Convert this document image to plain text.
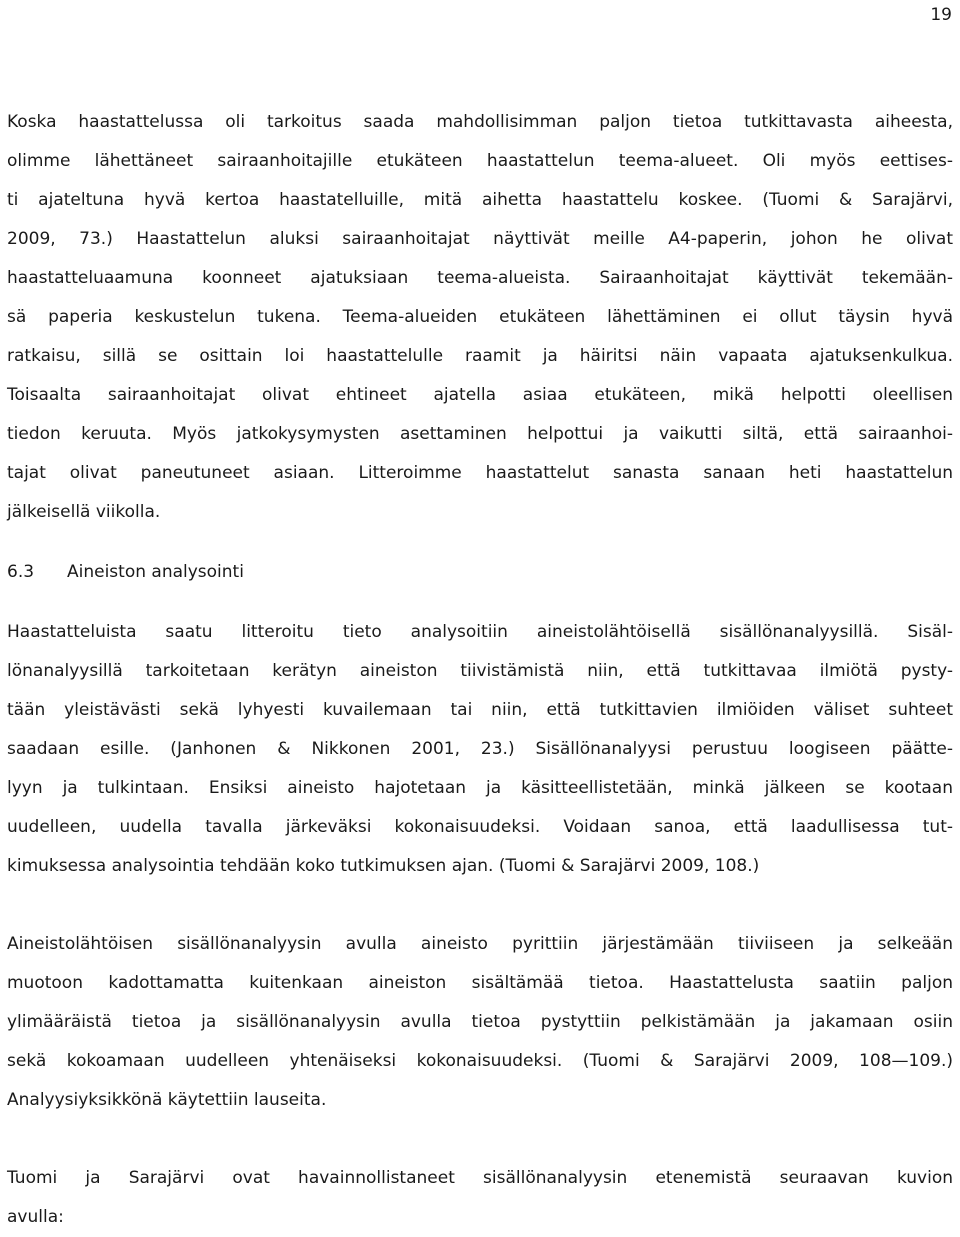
19
Koska haastattelussa oli tarkoitus saada mahdollisimman paljon tietoa tutkittavasta aiheesta,
olimme lähettäneet sairaanhoitajille etukäteen haastattelun teema-alueet. Oli myös eettises-
ti ajateltuna hyvä kertoa haastatelluille, mitä aihetta haastattelu koskee. (Tuomi & Sarajärvi,
2009, 73.) Haastattelun aluksi sairaanhoitajat näyttivät meille A4-paperin, johon he olivat
haastatteluaamuna koonneet ajatuksiaan teema-alueista. Sairaanhoitajat käyttivät tekemään-
sä paperia keskustelun tukena. Teema-alueiden etukäteen lähettäminen ei ollut täysin hyvä
ratkaisu, sillä se osittain loi haastattelulle raamit ja häiritsi näin vapaata ajatuksenkulkua.
Toisaalta sairaanhoitajat olivat ehtineet ajatella asiaa etukäteen, mikä helpotti oleellisen
tiedon keruuta. Myös jatkokysymysten asettaminen helpottui ja vaikutti siltä, että sairaanhoi-
tajat olivat paneutuneet asiaan. Litteroimme haastattelut sanasta sanaan heti haastattelun
jälkeisellä viikolla.
6.3 Aineiston analysointi
Haastatteluista saatu litteroitu tieto analysoitiin aineistolähtöisellä sisällönanalyysillä. Sisäl-
lönanalyysillä tarkoitetaan kerätyn aineiston tiivistämistä niin, että tutkittavaa ilmiötä pysty-
tään yleistävästi sekä lyhyesti kuvailemaan tai niin, että tutkittavien ilmiöiden väliset suhteet
saadaan esille. (Janhonen & Nikkonen 2001, 23.) Sisällönanalyysi perustuu loogiseen päätte-
lyyn ja tulkintaan. Ensiksi aineisto hajotetaan ja käsitteellistetään, minkä jälkeen se kootaan
uudelleen, uudella tavalla järkeväksi kokonaisuudeksi. Voidaan sanoa, että laadullisessa tut-
kimuksessa analysointia tehdään koko tutkimuksen ajan. (Tuomi & Sarajärvi 2009, 108.)
Aineistolähtöisen sisällönanalyysin avulla aineisto pyrittiin järjestämään tiiviiseen ja selkeään
muotoon kadottamatta kuitenkaan aineiston sisältämää tietoa. Haastattelusta saatiin paljon
ylimääräistä tietoa ja sisällönanalyysin avulla tietoa pystyttiin pelkistämään ja jakamaan osiin
sekä kokoamaan uudelleen yhtenäiseksi kokonaisuudeksi. (Tuomi & Sarajärvi 2009, 108—109.)
Analyysiyksikkönä käytettiin lauseita.
Tuomi ja Sarajärvi ovat havainnollistaneet sisällönanalyysin etenemistä seuraavan kuvion
avulla:
